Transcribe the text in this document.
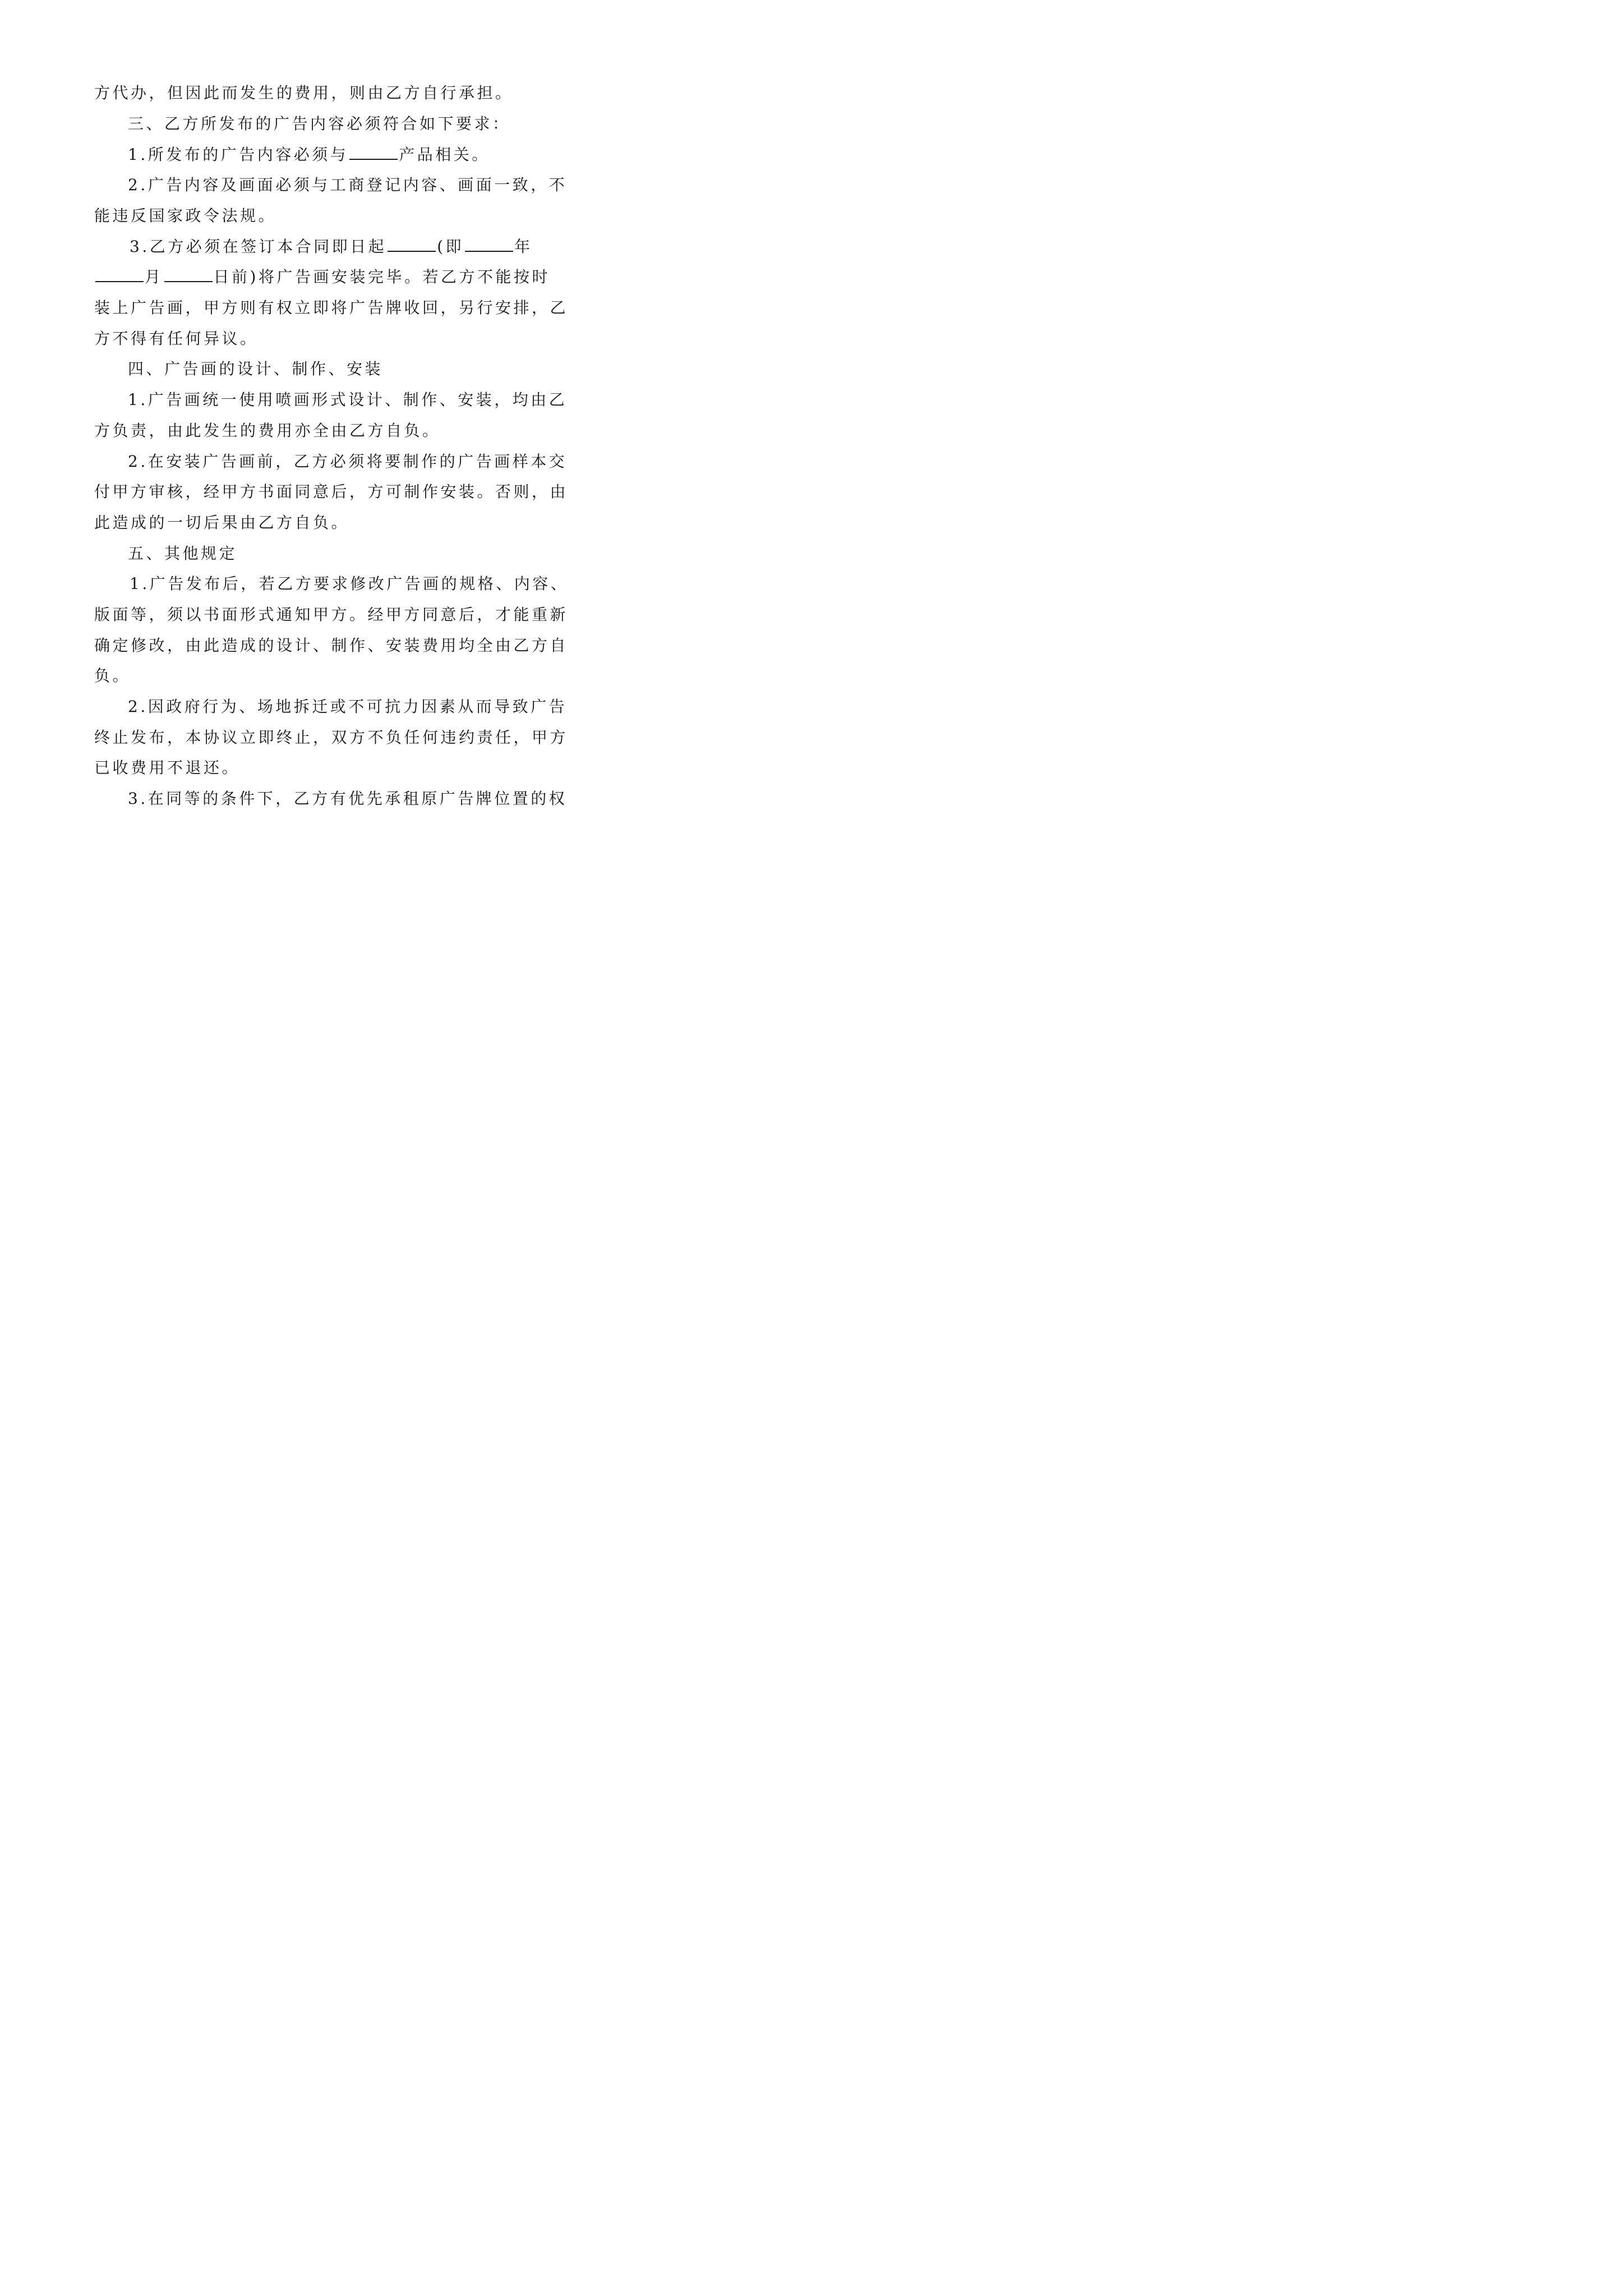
方代办，但因此而发生的费用，则由乙方自行承担。
三、乙方所发布的广告内容必须符合如下要求：
1.所发布的广告内容必须与	产品相关。
2.广告内容及画面必须与工商登记内容、画面一致，不
能违反国家政令法规。
3.乙方必须在签订本合同即日起	(即	年
月	日前)将广告画安装完毕。若乙方不能按时
装上广告画，甲方则有权立即将广告牌收回，另行安排，乙
方不得有任何异议。
四、广告画的设计、制作、安装
1.广告画统一使用喷画形式设计、制作、安装，均由乙
方负责，由此发生的费用亦全由乙方自负。
2.在安装广告画前，乙方必须将要制作的广告画样本交
付甲方审核，经甲方书面同意后，方可制作安装。否则，由
此造成的一切后果由乙方自负。
五、其他规定
1.广告发布后，若乙方要求修改广告画的规格、内容、
版面等，须以书面形式通知甲方。经甲方同意后，才能重新
确定修改，由此造成的设计、制作、安装费用均全由乙方自
负。
2.因政府行为、场地拆迁或不可抗力因素从而导致广告
终止发布，本协议立即终止，双方不负任何违约责任，甲方
已收费用不退还。
3.在同等的条件下，乙方有优先承租原广告牌位置的权
